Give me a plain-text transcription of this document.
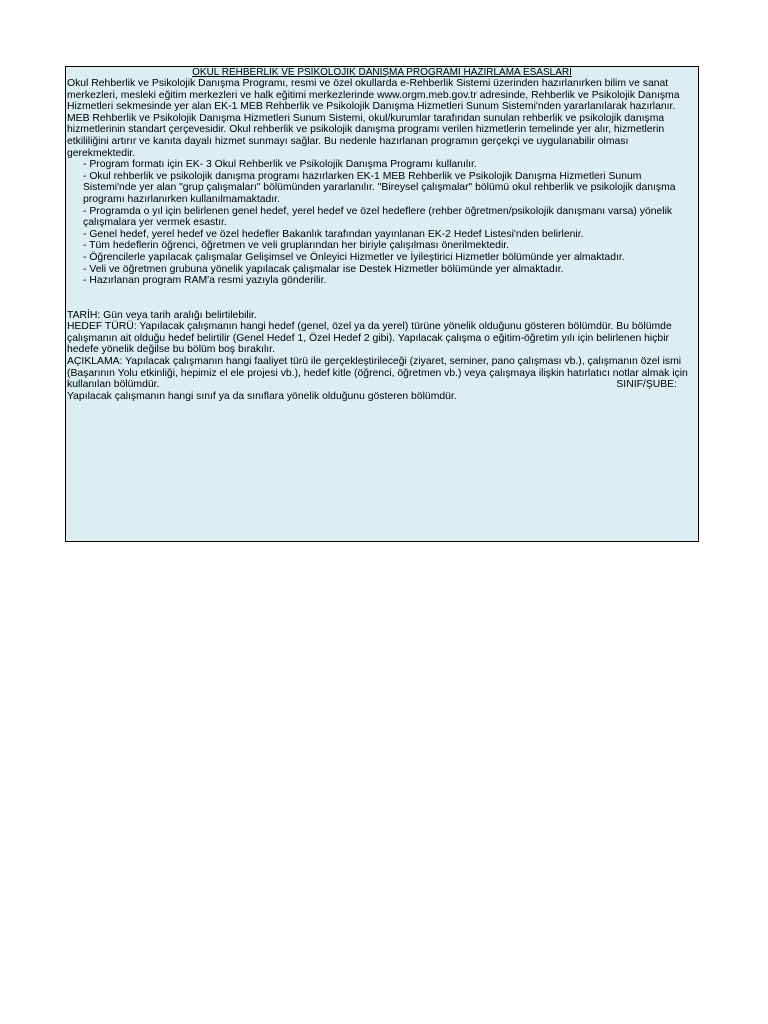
OKUL REHBERLİK VE PSİKOLOJİK DANIŞMA PROGRAMI HAZIRLAMA ESASLARI

Okul Rehberlik ve Psikolojik Danışma Programı, resmi ve özel okullarda e-Rehberlik Sistemi üzerinden hazırlanırken bilim ve sanat merkezleri, mesleki eğitim merkezleri ve halk eğitimi merkezlerinde www.orgm.meb.gov.tr adresinde, Rehberlik ve Psikolojik Danışma Hizmetleri sekmesinde yer alan EK-1 MEB Rehberlik ve Psikolojik Danışma Hizmetleri Sunum Sistemi'nden yararlanılarak hazırlanır. MEB Rehberlik ve Psikolojik Danışma Hizmetleri Sunum Sistemi, okul/kurumlar tarafından sunulan rehberlik ve psikolojik danışma hizmetlerinin standart çerçevesidir. Okul rehberlik ve psikolojik danışma programı verilen hizmetlerin temelinde yer alır, hizmetlerin etkililiğini artırır ve kanıta dayalı hizmet sunmayı sağlar. Bu nedenle hazırlanan programın gerçekçi ve uygulanabilir olması gerekmektedir.

- Program formatı için EK- 3 Okul Rehberlik ve Psikolojik Danışma Programı kullanılır.

- Okul rehberlik ve psikolojik danışma programı hazırlarken EK-1 MEB Rehberlik ve Psikolojik Danışma Hizmetleri Sunum Sistemi'nde yer alan "grup çalışmaları" bölümünden yararlanılır. "Bireysel çalışmalar" bölümü okul rehberlik ve psikolojik danışma programı hazırlanırken kullanılmamaktadır.

- Programda o yıl için belirlenen genel hedef, yerel hedef ve özel hedeflere (rehber öğretmen/psikolojik danışmanı varsa) yönelik çalışmalara yer vermek esastır.

- Genel hedef, yerel hedef ve özel hedefler Bakanlık tarafından yayınlanan EK-2 Hedef Listesi'nden belirlenir.

- Tüm hedeflerin öğrenci, öğretmen ve veli gruplarından her biriyle çalışılması önerilmektedir.

- Öğrencilerle yapılacak çalışmalar Gelişimsel ve Önleyici Hizmetler ve İyileştirici Hizmetler bölümünde yer almaktadır.

- Veli ve öğretmen grubuna yönelik yapılacak çalışmalar ise Destek Hizmetler bölümünde yer almaktadır.

- Hazırlanan program RAM'a resmi yazıyla gönderilir.

TARİH: Gün veya tarih aralığı belirtilebilir.

HEDEF TÜRÜ: Yapılacak çalışmanın hangi hedef (genel, özel ya da yerel) türüne yönelik olduğunu gösteren bölümdür. Bu bölümde çalışmanın ait olduğu hedef belirtilir (Genel Hedef 1, Özel Hedef 2 gibi). Yapılacak çalışma o eğitim-öğretim yılı için belirlenen hiçbir hedefe yönelik değilse bu bölüm boş bırakılır.

AÇIKLAMA: Yapılacak çalışmanın hangi faaliyet türü ile gerçekleştirileceği (ziyaret, seminer, pano çalışması vb.), çalışmanın özel ismi (Başarının Yolu etkinliği, hepimiz el ele projesi vb.), hedef kitle (öğrenci, öğretmen vb.) veya çalışmaya ilişkin hatırlatıcı notlar almak için kullanılan bölümdür.	SINIF/ŞUBE:

Yapılacak çalışmanın hangi sınıf ya da sınıflara yönelik olduğunu gösteren bölümdür.
